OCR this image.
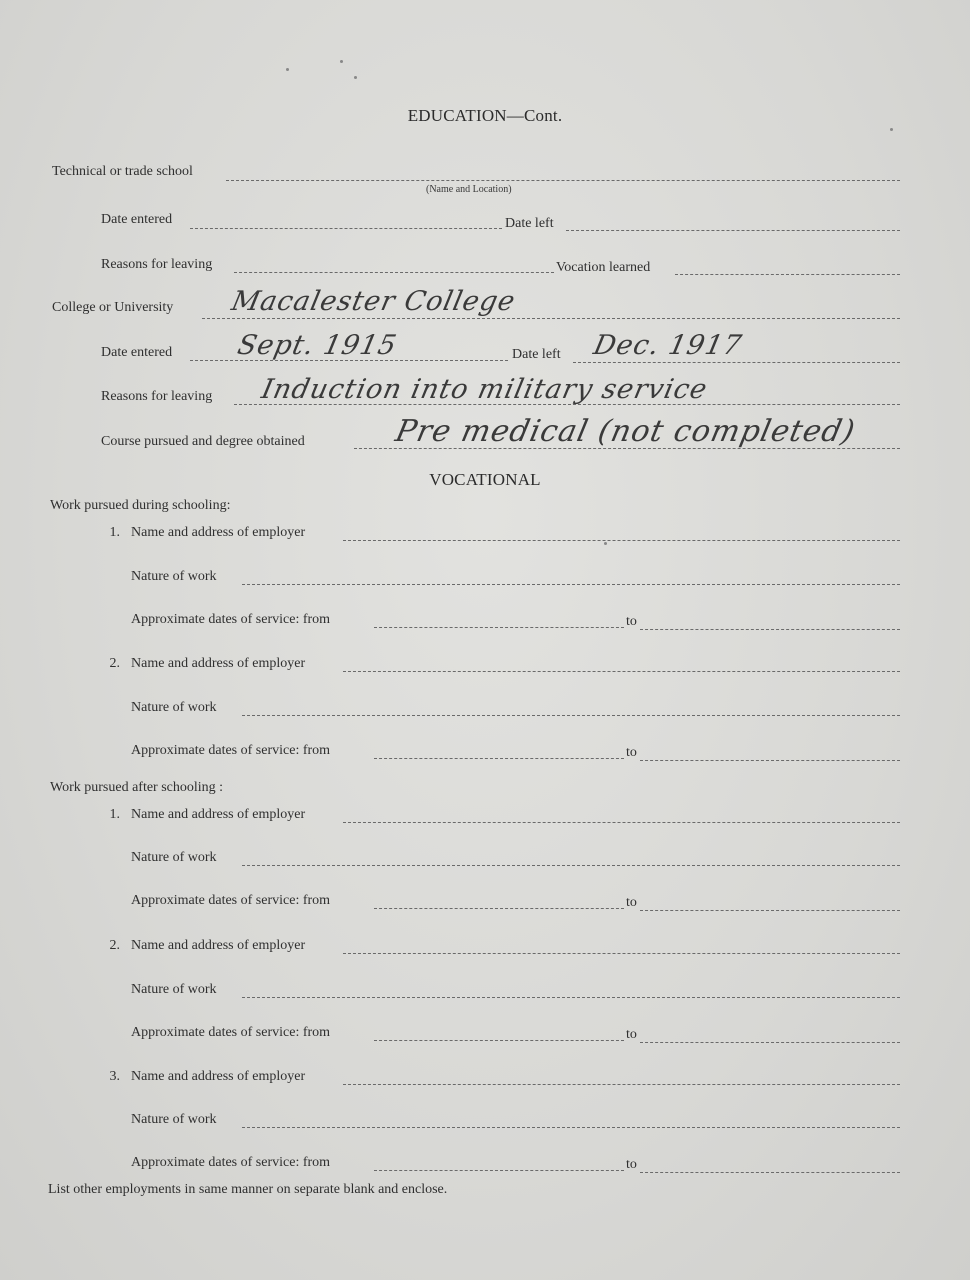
EDUCATION—Cont.
Technical or trade school
(Name and Location)
Date entered	Date left
Reasons for leaving	Vocation learned
College or University Macalester College
Date entered Sept. 1915	Date left Dec. 1917
Reasons for leaving Induction into military service
Course pursued and degree obtained	Pre medical (not completed)
VOCATIONAL
Work pursued during schooling:
1. Name and address of employer
Nature of work
Approximate dates of service: from	to
2. Name and address of employer
Nature of work
Approximate dates of service: from	to
Work pursued after schooling :
1. Name and address of employer
Nature of work
Approximate dates of service: from	to
2. Name and address of employer
Nature of work
Approximate dates of service: from	to
3. Name and address of employer
Nature of work
Approximate dates of service: from	to
List other employments in same manner on separate blank and enclose.
